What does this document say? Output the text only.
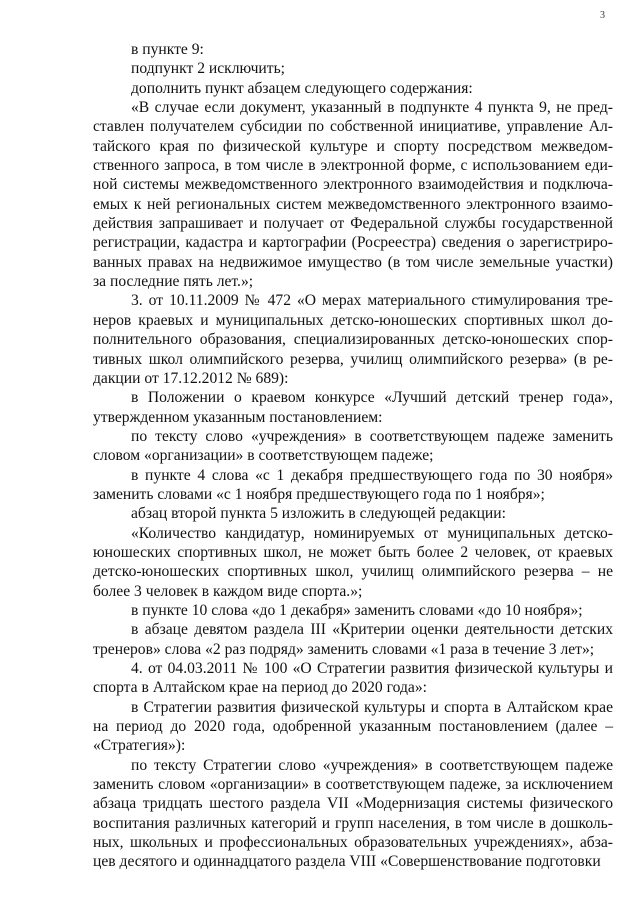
3

в пункте 9:

подпункт 2 исключить;

дополнить пункт абзацем следующего содержания:

«В случае если документ, указанный в подпункте 4 пункта 9, не представлен получателем субсидии по собственной инициативе, управление Алтайского края по физической культуре и спорту посредством межведомственного запроса, в том числе в электронной форме, с использованием единой системы межведомственного электронного взаимодействия и подключаемых к ней региональных систем межведомственного электронного взаимодействия запрашивает и получает от Федеральной службы государственной регистрации, кадастра и картографии (Росреестра) сведения о зарегистрированных правах на недвижимое имущество (в том числе земельные участки) за последние пять лет.»;

3. от 10.11.2009 № 472 «О мерах материального стимулирования тренеров краевых и муниципальных детско-юношеских спортивных школ дополнительного образования, специализированных детско-юношеских спортивных школ олимпийского резерва, училищ олимпийского резерва» (в редакции от 17.12.2012 № 689):

в Положении о краевом конкурсе «Лучший детский тренер года», утвержденном указанным постановлением:

по тексту слово «учреждения» в соответствующем падеже заменить словом «организации» в соответствующем падеже;

в пункте 4 слова «с 1 декабря предшествующего года по 30 ноября» заменить словами «с 1 ноября предшествующего года по 1 ноября»;

абзац второй пункта 5 изложить в следующей редакции:

«Количество кандидатур, номинируемых от муниципальных детско-юношеских спортивных школ, не может быть более 2 человек, от краевых детско-юношеских спортивных школ, училищ олимпийского резерва – не более 3 человек в каждом виде спорта.»;

в пункте 10 слова «до 1 декабря» заменить словами «до 10 ноября»;

в абзаце девятом раздела III «Критерии оценки деятельности детских тренеров» слова «2 раз подряд» заменить словами «1 раза в течение 3 лет»;

4. от 04.03.2011 № 100 «О Стратегии развития физической культуры и спорта в Алтайском крае на период до 2020 года»:

в Стратегии развития физической культуры и спорта в Алтайском крае на период до 2020 года, одобренной указанным постановлением (далее – «Стратегия»):

по тексту Стратегии слово «учреждения» в соответствующем падеже заменить словом «организации» в соответствующем падеже, за исключением абзаца тридцать шестого раздела VII «Модернизация системы физического воспитания различных категорий и групп населения, в том числе в дошкольных, школьных и профессиональных образовательных учреждениях», абзацев десятого и одиннадцатого раздела VIII «Совершенствование подготовки
